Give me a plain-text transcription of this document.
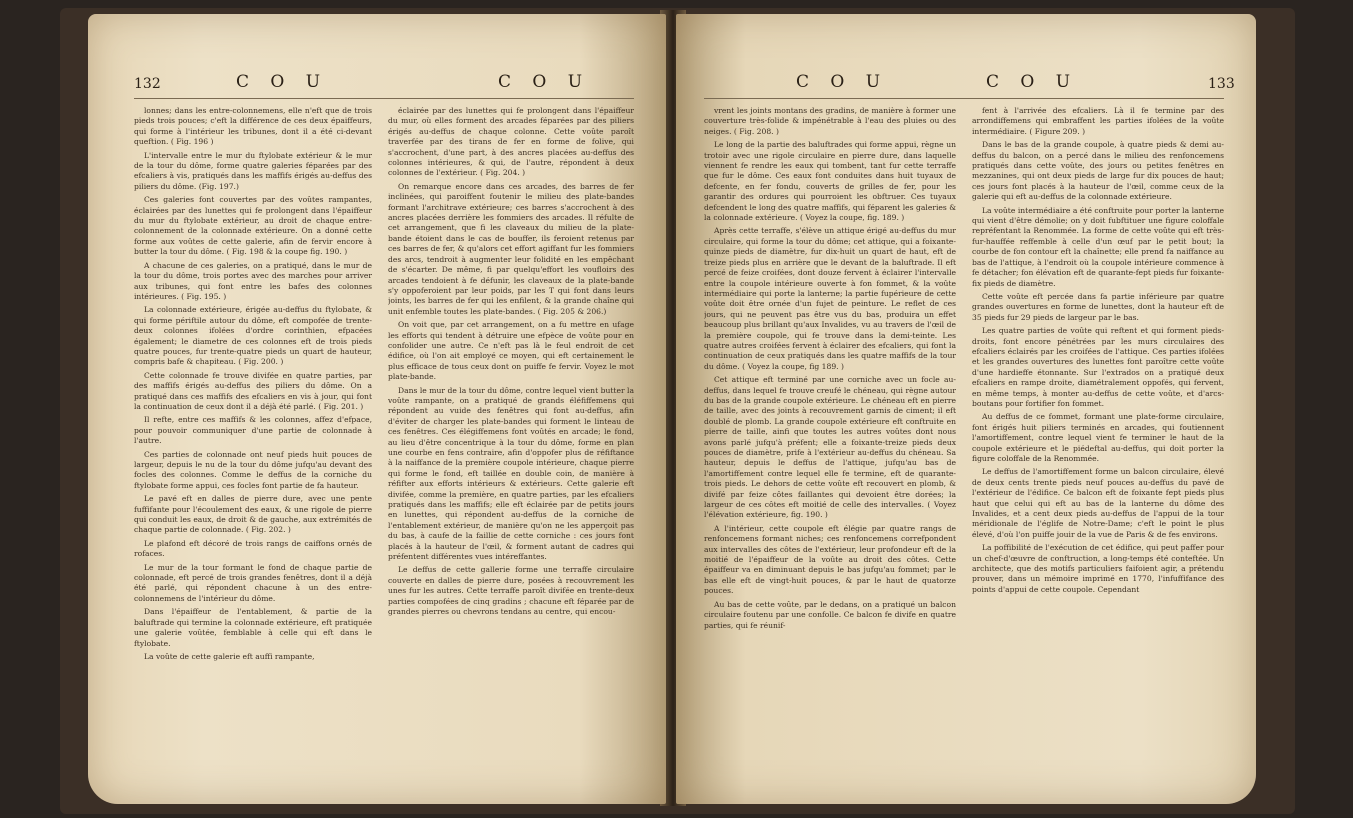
132	C O U	C O U

lonnes; dans les entre-colonnemens, elle n'eft que de trois pieds trois pouces; c'eft la différence de ces deux épaiffeurs, qui forme à l'intérieur les tribunes, dont il a été ci-devant queftion. ( Fig. 196 )

L'intervalle entre le mur du ftylobate extérieur & le mur de la tour du dôme, forme quatre galeries féparées par des efcaliers à vis, pratiqués dans les maffifs érigés au-deffus des piliers du dôme. (Fig. 197.)

Ces galeries font couvertes par des voûtes rampantes, éclairées par des lunettes qui fe prolongent dans l'épaiffeur du mur du ftylobate extérieur, au droit de chaque entre-colonnement de la colonnade extérieure. On a donné cette forme aux voûtes de cette galerie, afin de fervir encore à butter la tour du dôme. ( Fig. 198 & la coupe fig. 190. )

A chacune de ces galeries, on a pratiqué, dans le mur de la tour du dôme, trois portes avec des marches pour arriver aux tribunes, qui font entre les bafes des colonnes intérieures. ( Fig. 195. )

La colonnade extérieure, érigée au-deffus du ftylobate, & qui forme périftile autour du dôme, eft compofée de trente-deux colonnes ifolées d'ordre corinthien, efpacées également; le diametre de ces colonnes eft de trois pieds quatre pouces, fur trente-quatre pieds un quart de hauteur, compris bafe & chapiteau. ( Fig. 200. )

Cette colonnade fe trouve divifée en quatre parties, par des maffifs érigés au-deffus des piliers du dôme. On a pratiqué dans ces maffifs des efcaliers en vis à jour, qui font la continuation de ceux dont il a déjà été parlé. ( Fig. 201. )

Il refte, entre ces maffifs & les colonnes, affez d'efpace, pour pouvoir communiquer d'une partie de colonnade à l'autre.

Ces parties de colonnade ont neuf pieds huit pouces de largeur, depuis le nu de la tour du dôme jufqu'au devant des focles des colonnes. Comme le deffus de la corniche du ftylobate forme appui, ces focles font partie de fa hauteur.

Le pavé eft en dalles de pierre dure, avec une pente fuffifante pour l'écoulement des eaux, & une rigole de pierre qui conduit les eaux, de droit & de gauche, aux extrémités de chaque partie de colonnade. ( Fig. 202. )

Le plafond eft décoré de trois rangs de caiffons ornés de rofaces.

Le mur de la tour formant le fond de chaque partie de colonnade, eft percé de trois grandes fenêtres, dont il a déjà été parlé, qui répondent chacune à un des entre-colonnemens de l'intérieur du dôme.

Dans l'épaiffeur de l'entablement, & partie de la baluftrade qui termine la colonnade extérieure, eft pratiquée une galerie voûtée, femblable à celle qui eft dans le ftylobate.

La voûte de cette galerie eft auffi rampante,

éclairée par des lunettes qui fe prolongent dans l'épaiffeur du mur, où elles forment des arcades féparées par des piliers érigés au-deffus de chaque colonne. Cette voûte paroît traverfée par des tirans de fer en forme de folive, qui s'accrochent, d'une part, à des ancres placées au-deffus des colonnes intérieures, & qui, de l'autre, répondent à deux colonnes de l'extérieur. ( Fig. 204. )

On remarque encore dans ces arcades, des barres de fer inclinées, qui paroiffent foutenir le milieu des plate-bandes formant l'architrave extérieure; ces barres s'accrochent à des ancres placées derrière les fommiers des arcades. Il réfulte de cet arrangement, que fi les claveaux du milieu de la plate-bande étoient dans le cas de bouffer, ils feroient retenus par ces barres de fer, & qu'alors cet effort agiffant fur les fommiers des arcs, tendroit à augmenter leur folidité en les empêchant de s'écarter. De même, fi par quelqu'effort les voufloirs des arcades tendoient à fe défunir, les claveaux de la plate-bande s'y oppoferoient par leur poids, par les T qui font dans leurs joints, les barres de fer qui les enfilent, & la grande chaîne qui unit enfemble toutes les plate-bandes. ( Fig. 205 & 206.)

On voit que, par cet arrangement, on a fu mettre en ufage les efforts qui tendent à détruire une efpèce de voûte pour en confolider une autre. Ce n'eft pas là le feul endroit de cet édifice, où l'on ait employé ce moyen, qui eft certainement le plus efficace de tous ceux dont on puiffe fe fervir. Voyez le mot plate-bande.

Dans le mur de la tour du dôme, contre lequel vient butter la voûte rampante, on a pratiqué de grands éléfiffemens qui répondent au vuide des fenêtres qui font au-deffus, afin d'éviter de charger les plate-bandes qui forment le linteau de ces fenêtres. Ces élégiffemens font voûtés en arcade; le fond, au lieu d'être concentrique à la tour du dôme, forme en plan une courbe en fens contraire, afin d'oppofer plus de réfiftance à la naiffance de la première coupole intérieure, chaque pierre qui forme le fond, eft taillée en double coin, de manière à réfifter aux efforts intérieurs & extérieurs. Cette galerie eft divifée, comme la première, en quatre parties, par les efcaliers pratiqués dans les maffifs; elle eft éclairée par de petits jours en lunettes, qui répondent au-deffus de la corniche de l'entablement extérieur, de manière qu'on ne les apperçoit pas du bas, à caufe de la faillie de cette corniche : ces jours font placés à la hauteur de l'œil, & forment autant de cadres qui préfentent différentes vues intéreffantes.

Le deffus de cette gallerie forme une terraffe circulaire couverte en dalles de pierre dure, posées à recouvrement les unes fur les autres. Cette terraffe paroît divifée en trente-deux parties compofées de cinq gradins ; chacune eft féparée par de grandes pierres ou chevrons tendans au centre, qui encou-

C O U	C O U	133

vrent les joints montans des gradins, de manière à former une couverture très-folide & impénétrable à l'eau des pluies ou des neiges. ( Fig. 208. )

Le long de la partie des baluftrades qui forme appui, règne un trotoir avec une rigole circulaire en pierre dure, dans laquelle viennent fe rendre les eaux qui tombent, tant fur cette terraffe que fur le dôme. Ces eaux font conduites dans huit tuyaux de defcente, en fer fondu, couverts de grilles de fer, pour les garantir des ordures qui pourroient les obftruer. Ces tuyaux defcendent le long des quatre maffifs, qui féparent les galeries & la colonnade extérieure. ( Voyez la coupe, fig. 189. )

Après cette terraffe, s'élève un attique érigé au-deffus du mur circulaire, qui forme la tour du dôme; cet attique, qui a foixante-quinze pieds de diamètre, fur dix-huit un quart de haut, eft de treize pieds plus en arrière que le devant de la baluftrade. Il eft percé de feize croifées, dont douze fervent à éclairer l'intervalle entre la coupole intérieure ouverte à fon fommet, & la voûte intermédiaire qui porte la lanterne; la partie fupérieure de cette voûte doit être ornée d'un fujet de peinture. Le reflet de ces jours, qui ne peuvent pas être vus du bas, produira un effet beaucoup plus brillant qu'aux Invalides, vu au travers de l'œil de la première coupole, qui fe trouve dans la demi-teinte. Les quatre autres croifées fervent à éclairer des efcaliers, qui font la continuation de ceux pratiqués dans les quatre maffifs de la tour du dôme. ( Voyez la coupe, fig 189. )

Cet attique eft terminé par une corniche avec un focle au-deffus, dans lequel fe trouve creufé le chéneau, qui règne autour du bas de la grande coupole extérieure. Le chéneau eft en pierre de taille, avec des joints à recouvrement garnis de ciment; il eft doublé de plomb. La grande coupole extérieure eft conftruite en pierre de taille, ainfi que toutes les autres voûtes dont nous avons parlé jufqu'à préfent; elle a foixante-treize pieds deux pouces de diamètre, prife à l'extérieur au-deffus du chéneau. Sa hauteur, depuis le deffus de l'attique, jufqu'au bas de l'amortiffement contre lequel elle fe termine, eft de quarante-trois pieds. Le dehors de cette voûte eft recouvert en plomb, & divifé par feize côtes faillantes qui devoient être dorées; la largeur de ces côtes eft moitié de celle des intervalles. ( Voyez l'élévation extérieure, fig. 190. )

A l'intérieur, cette coupole eft élégie par quatre rangs de renfoncemens formant niches; ces renfoncemens correfpondent aux intervalles des côtes de l'extérieur, leur profondeur eft de la moitié de l'épaiffeur de la voûte au droit des côtes. Cette épaiffeur va en diminuant depuis le bas jufqu'au fommet; par le bas elle eft de vingt-huit pouces, & par le haut de quatorze pouces.

Au bas de cette voûte, par le dedans, on a pratiqué un balcon circulaire foutenu par une confolle. Ce balcon fe divife en quatre parties, qui fe réunif-

fent à l'arrivée des efcaliers. Là il fe termine par des arrondiffemens qui embraffent les parties ifolées de la voûte intermédiaire. ( Figure 209. )

Dans le bas de la grande coupole, à quatre pieds & demi au-deffus du balcon, on a percé dans le milieu des renfoncemens pratiqués dans cette voûte, des jours ou petites fenêtres en mezzanines, qui ont deux pieds de large fur dix pouces de haut; ces jours font placés à la hauteur de l'œil, comme ceux de la galerie qui eft au-deffus de la colonnade extérieure.

La voûte intermédiaire a été conftruite pour porter la lanterne qui vient d'être démolie; on y doit fubftituer une figure coloffale repréfentant la Renommée. La forme de cette voûte qui eft très-fur-hauffée reffemble à celle d'un œuf par le petit bout; la courbe de fon contour eft la chaînette; elle prend fa naiffance au bas de l'attique, à l'endroit où la coupole intérieure commence à fe détacher; fon élévation eft de quarante-fept pieds fur foixante-fix pieds de diamètre.

Cette voûte eft percée dans fa partie inférieure par quatre grandes ouvertures en forme de lunettes, dont la hauteur eft de 35 pieds fur 29 pieds de largeur par le bas.

Les quatre parties de voûte qui reftent et qui forment pieds-droits, font encore pénétrées par les murs circulaires des efcaliers éclairés par les croifées de l'attique. Ces parties ifolées et les grandes ouvertures des lunettes font paroître cette voûte d'une hardieffe étonnante. Sur l'extrados on a pratiqué deux efcaliers en rampe droite, diamétralement oppofés, qui fervent, en même temps, à monter au-deffus de cette voûte, et d'arcs-boutans pour fortifier fon fommet.

Au deffus de ce fommet, formant une plate-forme circulaire, font érigés huit piliers terminés en arcades, qui foutiennent l'amortiffement, contre lequel vient fe terminer le haut de la coupole extérieure et le piédeftal au-deffus, qui doit porter la figure coloffale de la Renommée.

Le deffus de l'amortiffement forme un balcon circulaire, élevé de deux cents trente pieds neuf pouces au-deffus du pavé de l'extérieur de l'édifice. Ce balcon eft de foixante fept pieds plus haut que celui qui eft au bas de la lanterne du dôme des Invalides, et a cent deux pieds au-deffus de l'appui de la tour méridionale de l'églife de Notre-Dame; c'eft le point le plus élevé, d'où l'on puiffe jouir de la vue de Paris & de fes environs.

La poffibilité de l'exécution de cet édifice, qui peut paffer pour un chef-d'œuvre de conftruction, a long-temps été conteftée. Un architecte, que des motifs particuliers faifoient agir, a prétendu prouver, dans un mémoire imprimé en 1770, l'infuffifance des points d'appui de cette coupole. Cependant
